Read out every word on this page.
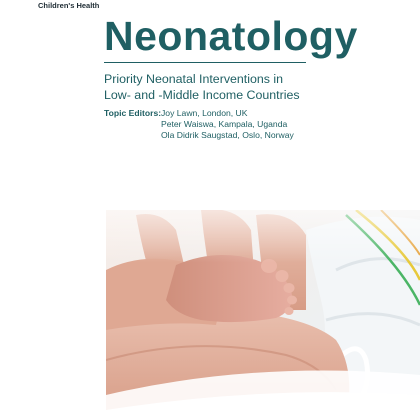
Children's Health
Neonatology
Priority Neonatal Interventions in
Low- and -Middle Income Countries
Topic Editors: Joy Lawn, London, UK
Peter Waiswa, Kampala, Uganda
Ola Didrik Saugstad, Oslo, Norway
